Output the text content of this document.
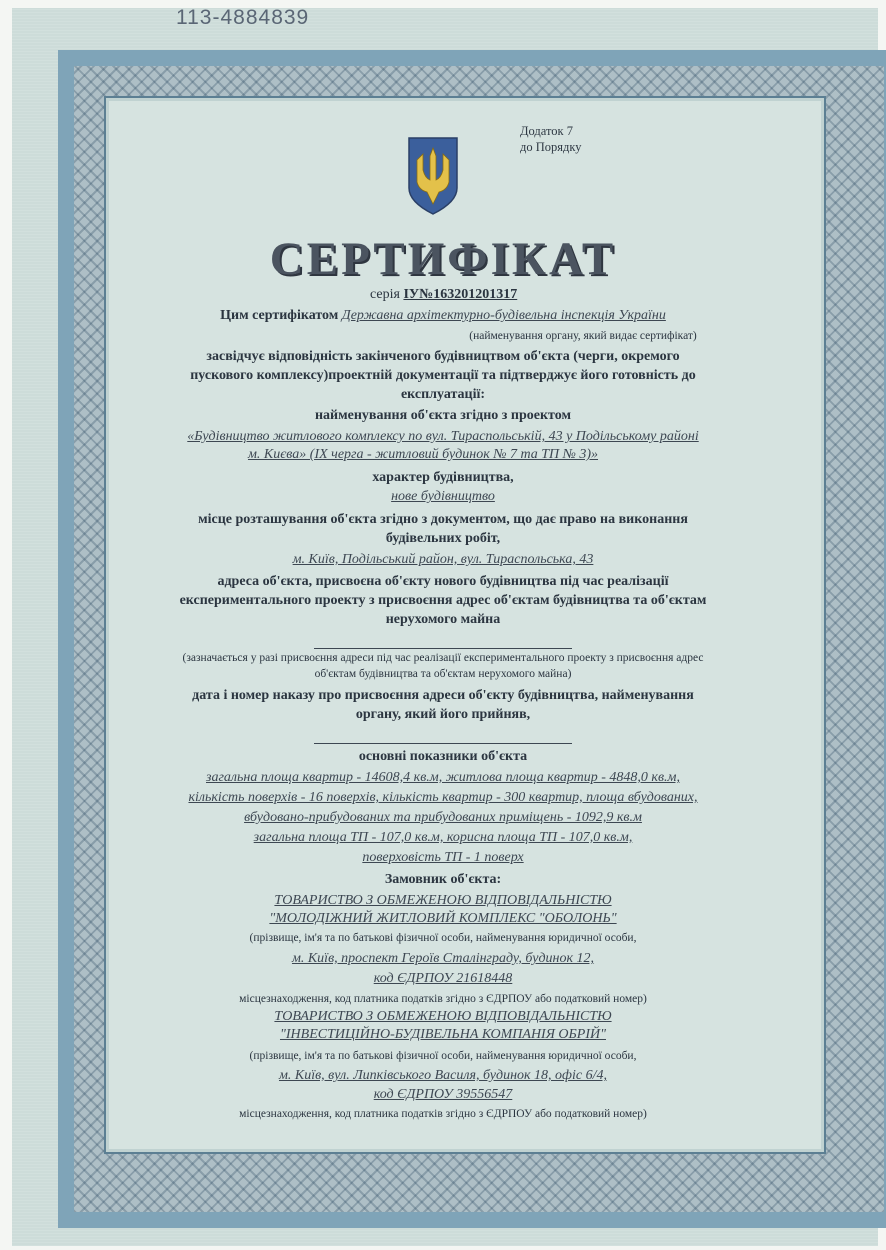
113-4884839
Додаток 7
до Порядку
СЕРТИФІКАТ
серія ІУ№163201201317
Цим сертифікатом Державна архітектурно-будівельна інспекція України
(найменування органу, який видає сертифікат)
засвідчує відповідність закінченого будівництвом об'єкта (черги, окремого
пускового комплексу)проектній документації та підтверджує його готовність до
експлуатації:
найменування об'єкта згідно з проектом
«Будівництво житлового комплексу по вул. Тираспольській, 43 у Подільському районі
м. Києва» (IX черга - житловий будинок № 7 та ТП № 3)»
характер будівництва,
нове будівництво
місце розташування об'єкта згідно з документом, що дає право на виконання
будівельних робіт,
м. Київ, Подільський район, вул. Тираспольська, 43
адреса об'єкта, присвоєна об'єкту нового будівництва під час реалізації
експериментального проекту з присвоєння адрес об'єктам будівництва та об'єктам
нерухомого майна
(зазначається у разі присвоєння адреси під час реалізації експериментального проекту з присвоєння адрес
об'єктам будівництва та об'єктам нерухомого майна)
дата і номер наказу про присвоєння адреси об'єкту будівництва, найменування
органу, який його прийняв,
основні показники об'єкта
загальна площа квартир - 14608,4 кв.м, житлова площа квартир - 4848,0 кв.м,
кількість поверхів - 16 поверхів, кількість квартир - 300 квартир, площа вбудованих,
вбудовано-прибудованих та прибудованих приміщень - 1092,9 кв.м
загальна площа ТП - 107,0 кв.м, корисна площа ТП - 107,0 кв.м,
поверховість ТП - 1 поверх
Замовник об'єкта:
ТОВАРИСТВО З ОБМЕЖЕНОЮ ВІДПОВІДАЛЬНІСТЮ
"МОЛОДІЖНИЙ ЖИТЛОВИЙ КОМПЛЕКС "ОБОЛОНЬ"
(прізвище, ім'я та по батькові фізичної особи, найменування юридичної особи,
м. Київ, проспект Героїв Сталінграду, будинок 12,
код ЄДРПОУ 21618448
місцезнаходження, код платника податків згідно з ЄДРПОУ або податковий номер)
ТОВАРИСТВО З ОБМЕЖЕНОЮ ВІДПОВІДАЛЬНІСТЮ
"ІНВЕСТИЦІЙНО-БУДІВЕЛЬНА КОМПАНІЯ ОБРІЙ"
(прізвище, ім'я та по батькові фізичної особи, найменування юридичної особи,
м. Київ, вул. Липківського Василя, будинок 18, офіс 6/4,
код ЄДРПОУ 39556547
місцезнаходження, код платника податків згідно з ЄДРПОУ або податковий номер)
